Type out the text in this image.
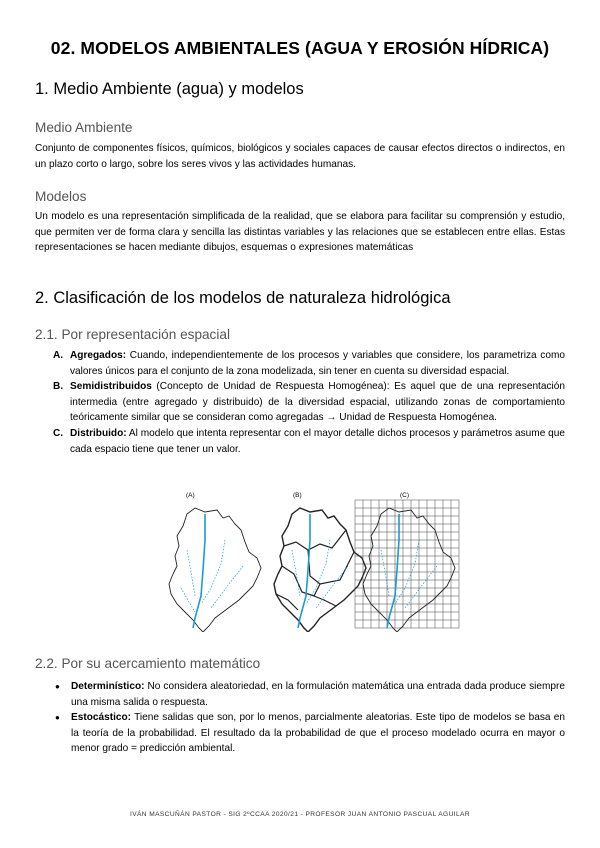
02. MODELOS AMBIENTALES (AGUA Y EROSIÓN HÍDRICA)
1. Medio Ambiente (agua) y modelos
Medio Ambiente
Conjunto de componentes físicos, químicos, biológicos y sociales capaces de causar efectos directos o indirectos, en un plazo corto o largo, sobre los seres vivos y las actividades humanas.
Modelos
Un modelo es una representación simplificada de la realidad, que se elabora para facilitar su comprensión y estudio, que permiten ver de forma clara y sencilla las distintas variables y las relaciones que se establecen entre ellas. Estas representaciones se hacen mediante dibujos, esquemas o expresiones matemáticas
2. Clasificación de los modelos de naturaleza hidrológica
2.1. Por representación espacial
A. Agregados: Cuando, independientemente de los procesos y variables que considere, los parametriza como valores únicos para el conjunto de la zona modelizada, sin tener en cuenta su diversidad espacial.
B. Semidistribuidos (Concepto de Unidad de Respuesta Homogénea): Es aquel que de una representación intermedia (entre agregado y distribuido) de la diversidad espacial, utilizando zonas de comportamiento teóricamente similar que se consideran como agregadas → Unidad de Respuesta Homogénea.
C. Distribuido: Al modelo que intenta representar con el mayor detalle dichos procesos y parámetros asume que cada espacio tiene que tener un valor.
(A)	(B)	(C)
2.2. Por su acercamiento matemático
● Determinístico: No considera aleatoriedad, en la formulación matemática una entrada dada produce siempre una misma salida o respuesta.
● Estocástico: Tiene salidas que son, por lo menos, parcialmente aleatorias. Este tipo de modelos se basa en la teoría de la probabilidad. El resultado da la probabilidad de que el proceso modelado ocurra en mayor o menor grado = predicción ambiental.
IVÁN MASCUÑÁN PASTOR - SIG 2ºCCAA 2020/21 - PROFESOR JUAN ANTONIO PASCUAL AGUILAR
